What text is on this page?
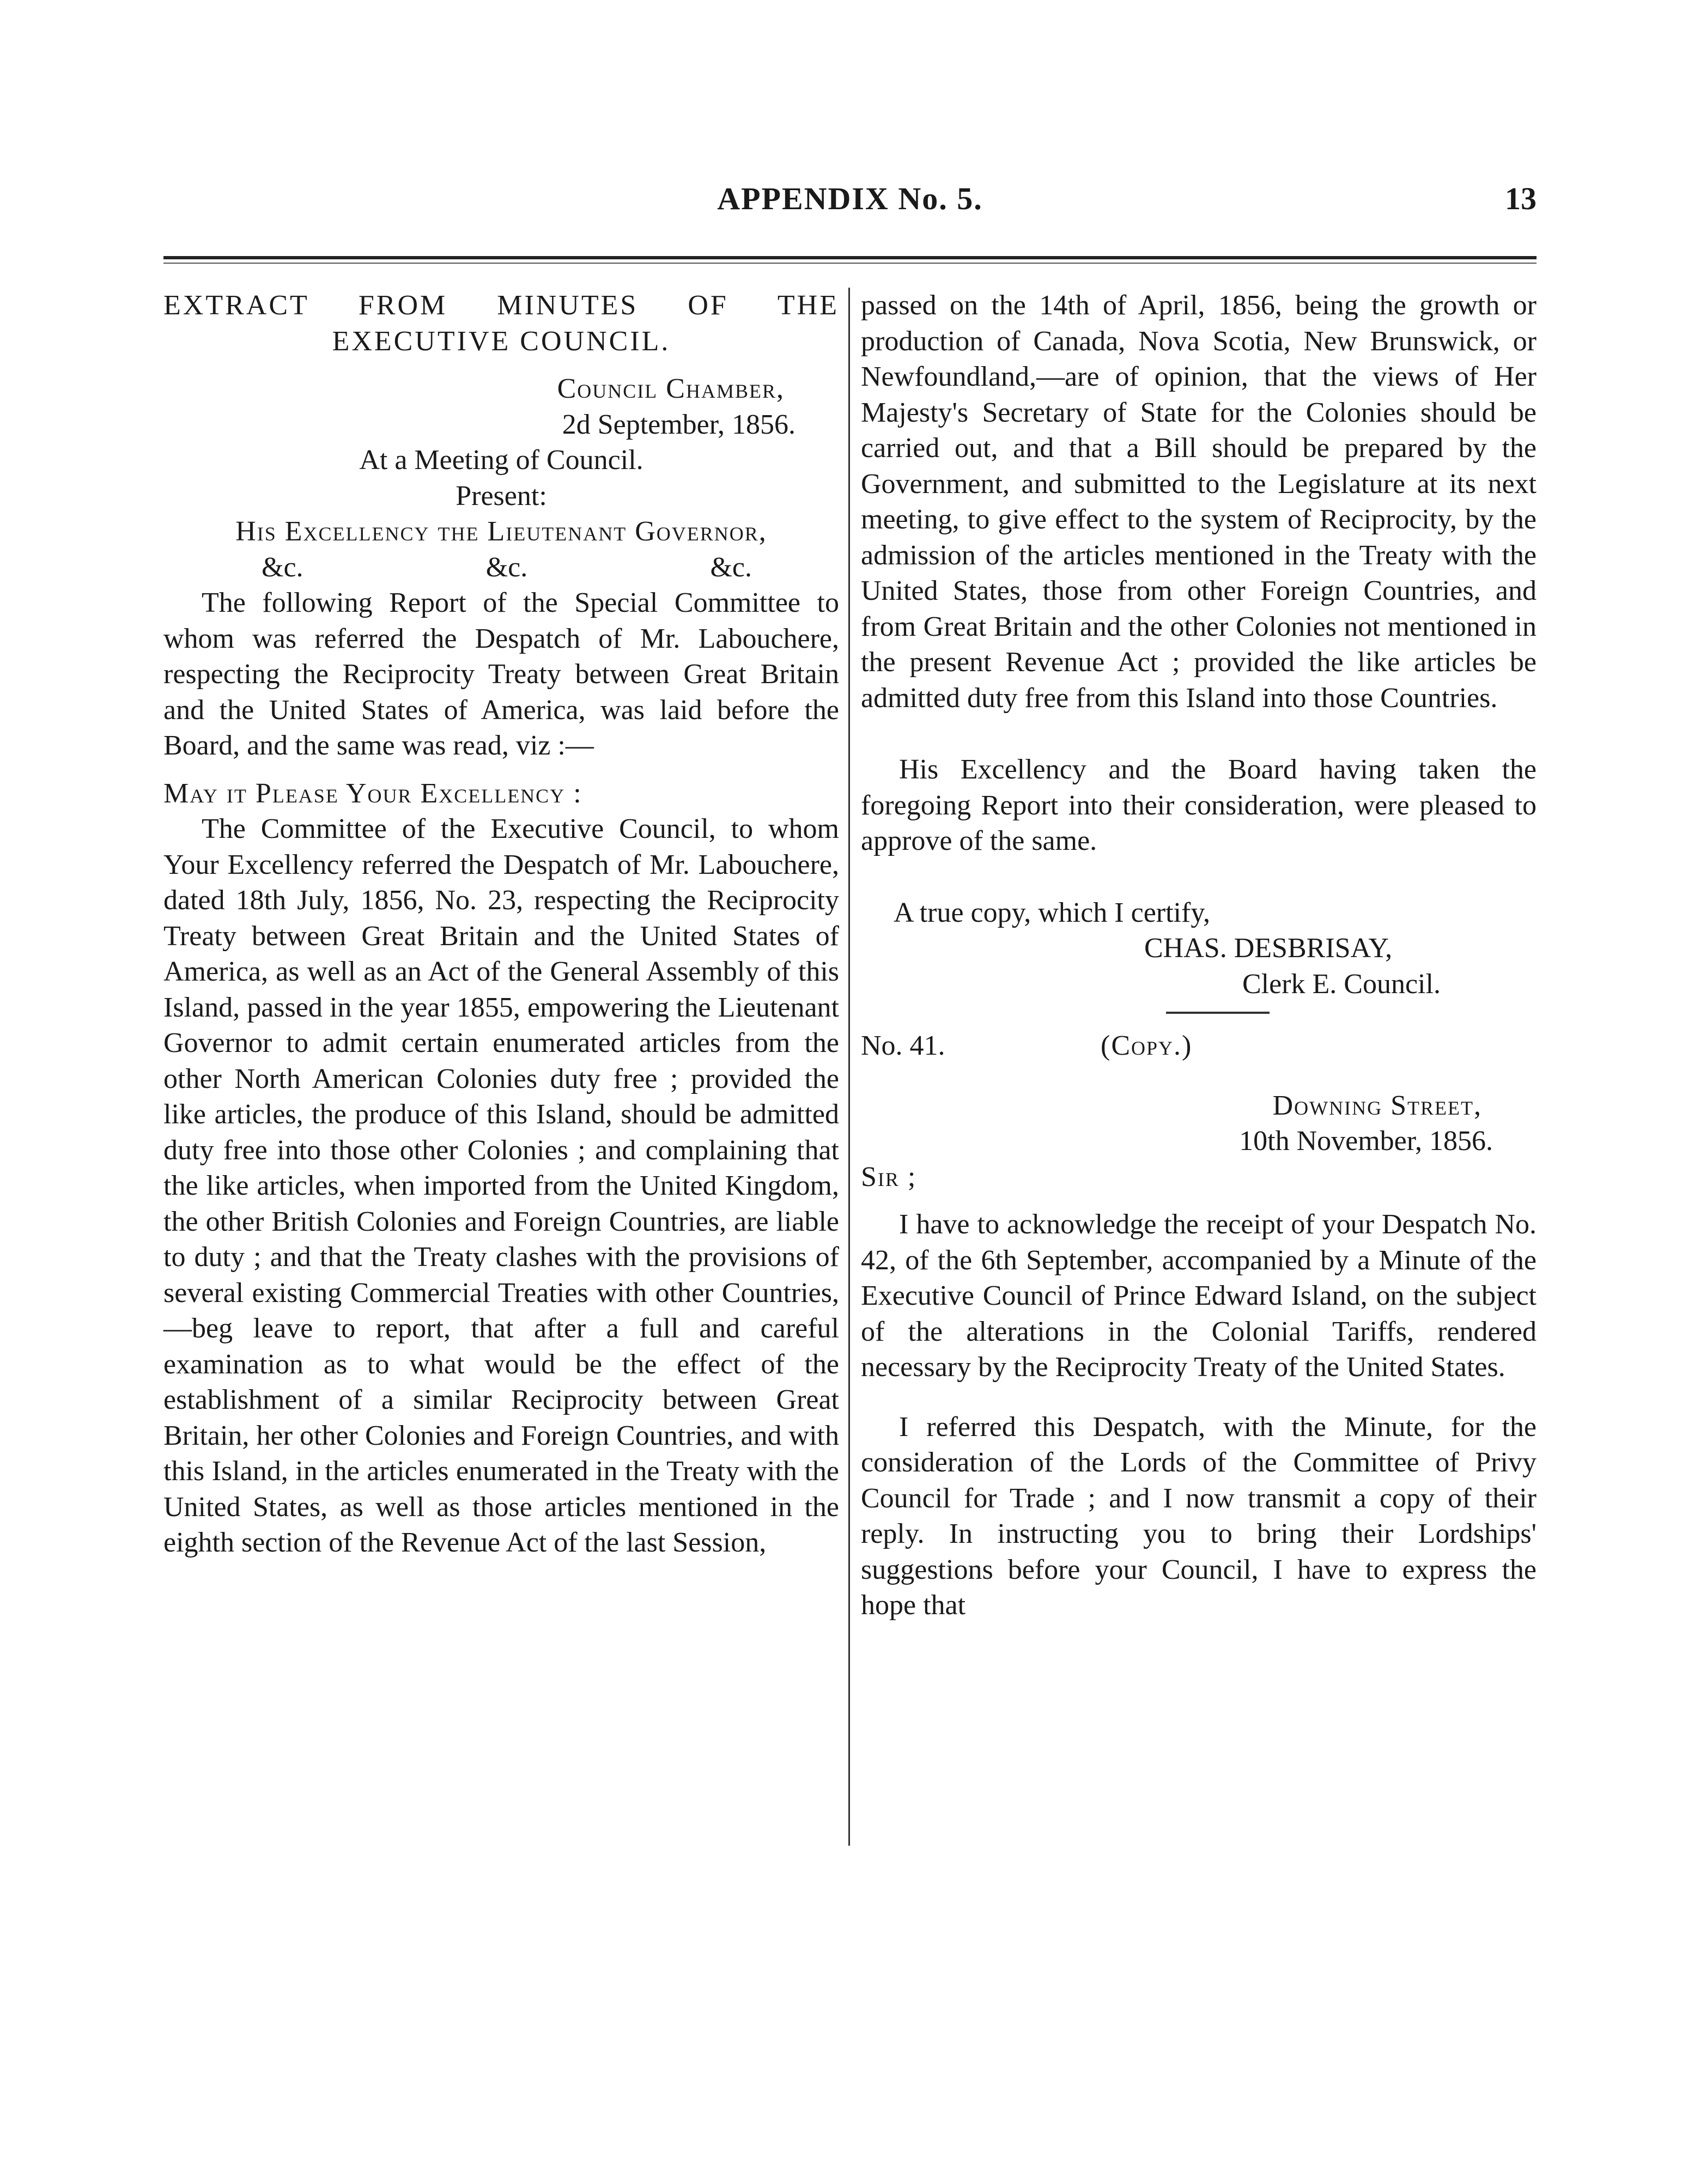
APPENDIX No. 5.	13

EXTRACT FROM MINUTES OF THE

EXECUTIVE COUNCIL.

Council Chamber,

2d September, 1856.

At a Meeting of Council.

Present:

His Excellency the Lieutenant Governor,

&c.	&c.	&c.

The following Report of the Special Committee to whom was referred the Despatch of Mr. Labouchere, respecting the Reciprocity Treaty between Great Britain and the United States of America, was laid before the Board, and the same was read, viz :—

May it Please Your Excellency :

The Committee of the Executive Council, to whom Your Excellency referred the Despatch of Mr. Labouchere, dated 18th July, 1856, No. 23, respecting the Reciprocity Treaty between Great Britain and the United States of America, as well as an Act of the General Assembly of this Island, passed in the year 1855, empowering the Lieutenant Governor to admit certain enumerated articles from the other North American Colonies duty free ; provided the like articles, the produce of this Island, should be admitted duty free into those other Colonies ; and complaining that the like articles, when imported from the United Kingdom, the other British Colonies and Foreign Countries, are liable to duty ; and that the Treaty clashes with the provisions of several existing Commercial Treaties with other Countries,—beg leave to report, that after a full and careful examination as to what would be the effect of the establishment of a similar Reciprocity between Great Britain, her other Colonies and Foreign Countries, and with this Island, in the articles enumerated in the Treaty with the United States, as well as those articles mentioned in the eighth section of the Revenue Act of the last Session,

passed on the 14th of April, 1856, being the growth or production of Canada, Nova Scotia, New Brunswick, or Newfoundland,—are of opinion, that the views of Her Majesty's Secretary of State for the Colonies should be carried out, and that a Bill should be prepared by the Government, and submitted to the Legislature at its next meeting, to give effect to the system of Reciprocity, by the admission of the articles mentioned in the Treaty with the United States, those from other Foreign Countries, and from Great Britain and the other Colonies not mentioned in the present Revenue Act ; provided the like articles be admitted duty free from this Island into those Countries.

His Excellency and the Board having taken the foregoing Report into their consideration, were pleased to approve of the same.

A true copy, which I certify,

CHAS. DESBRISAY,

Clerk E. Council.

No. 41.	(Copy.)

Downing Street,

10th November, 1856.

Sir ;

I have to acknowledge the receipt of your Despatch No. 42, of the 6th September, accompanied by a Minute of the Executive Council of Prince Edward Island, on the subject of the alterations in the Colonial Tariffs, rendered necessary by the Reciprocity Treaty of the United States.

I referred this Despatch, with the Minute, for the consideration of the Lords of the Committee of Privy Council for Trade ; and I now transmit a copy of their reply. In instructing you to bring their Lordships' suggestions before your Council, I have to express the hope that
